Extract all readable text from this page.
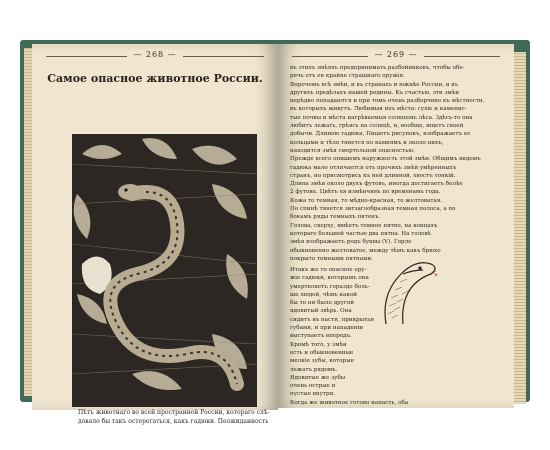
— 268 —
Самое опасное животное России.
Пѣтъ животнаго во всей пространной России, котораго слѣ-
довало бы такъ остерегаться, какъ гадюки. Пеожиданность
— 269 —
въ этихъ змѣяхъ предпринимать разбойниковъ, чтобы обе-
речь отъ ея крайне страшнаго оружія.
Впрочемъ всѣ змѣи, и въ странахъ и южнѣе России, и въ
другихъ предѣлахъ нашей родины. Къ счастью, эти змѣи
нерѣдко попадаются и при томъ очень разборчиво къ мѣстности,
въ которыхъ живутъ. Любимыя ихъ мѣста: сухіе и каменис-
тые почвы и мѣста нагрѣваемыя солнцемъ лѣса. Здѣсь-то она
любитъ лежать, грѣясь на солнцѣ, и, вообще, ищетъ своей
добычи. Длиною гадюка, Пишетъ рисунокъ, изображаетъ ее
кольцами и тѣло тянется по камнямъ и около нихъ,
находится змѣя смертельной опасностью.
Прежде всего опишемъ наружность этой змѣи. Общимъ видомъ
гадюка мало отличается отъ прочихъ змѣй умѣренныхъ
странъ, но присмотрись къ ней длинной, хвостъ тонкій.
Длина змѣи около двухъ футовъ, иногда достигаетъ болѣе
2 футовъ. Цвѣтъ ея измѣнчивъ по временамъ года.
Кожа то темная, то мѣдно-красная, то желтоватая.
По спинѣ тянется зигзагообразная темная полоса, а по
бокамъ ряды темныхъ пятенъ.
Голова, сверху, имѣетъ темное пятно, на концахъ
котораго большей частью два пятна. На головѣ
змѣя изображаетъ родъ буквы (V). Горло
обыкновенно желтоватое, между тѣмъ какъ брюхо
покрыто темными пятнами.
Итакъ же то опасное ору-
жіе гадюки, которымъ она
умертвляетъ гораздо боль-
ше людей, чѣмъ какой
бы то ни было другой
ядовитый звѣрь. Она
сидитъ въ пасти, прикрытая
губами, и при нападеніи
выступаетъ впередъ.
Кромѣ того, у змѣи
есть и обыкновенные
мелкіе зубы, которые
лежатъ рядомъ.
Ядовитые же зубы
очень острые и
пустые внутри.
Когда же животное готово напасть, оба
